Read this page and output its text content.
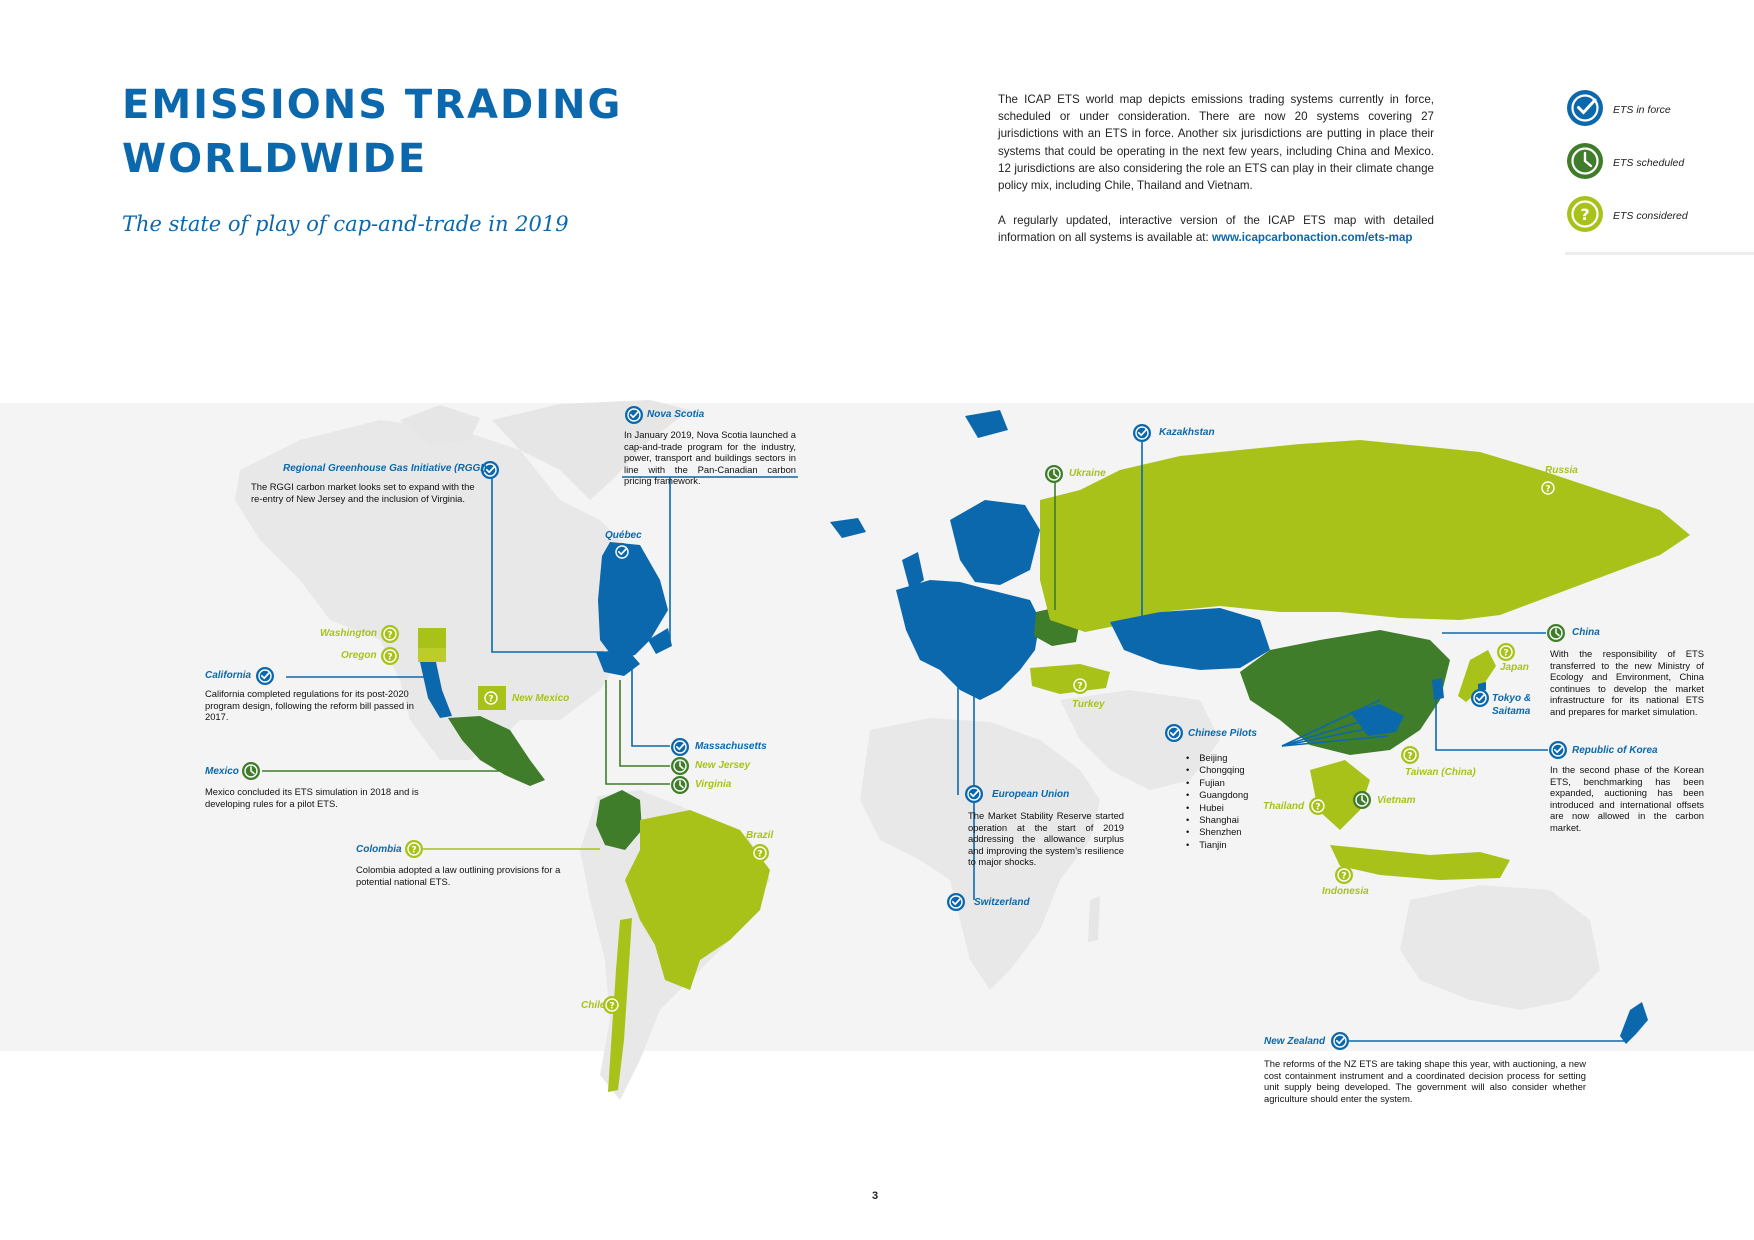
EMISSIONS TRADING
WORLDWIDE
The state of play of cap-and-trade in 2019

The ICAP ETS world map depicts emissions trading systems currently in force, scheduled or under consideration. There are now 20 systems covering 27 jurisdictions with an ETS in force. Another six jurisdictions are putting in place their systems that could be operating in the next few years, including China and Mexico. 12 jurisdictions are also considering the role an ETS can play in their climate change policy mix, including Chile, Thailand and Vietnam.

A regularly updated, interactive version of the ICAP ETS map with detailed information on all systems is available at: www.icapcarbonaction.com/ets-map

ETS in force
ETS scheduled
? ETS considered
Nova Scotia
In January 2019, Nova Scotia launched a cap-and-trade program for the industry, power, transport and buildings sectors in line with the Pan-Canadian carbon pricing framework.
Regional Greenhouse Gas Initiative (RGGI)
The RGGI carbon market looks set to expand with the re-entry of New Jersey and the inclusion of Virginia.
Québec
Washington
Oregon
California
California completed regulations for its post-2020 program design, following the reform bill passed in 2017.
New Mexico
Massachusetts
New Jersey
Virginia
Mexico
Mexico concluded its ETS simulation in 2018 and is developing rules for a pilot ETS.
Colombia
Colombia adopted a law outlining provisions for a potential national ETS.
Brazil
Chile
Ukraine
Kazakhstan
Russia
Turkey
European Union
The Market Stability Reserve started operation at the start of 2019 addressing the allowance surplus and improving the system’s resilience to major shocks.
Switzerland
Chinese Pilots
• Beijing
• Chongqing
• Fujian
• Guangdong
• Hubei
• Shanghai
• Shenzhen
• Tianjin
China
With the responsibility of ETS transferred to the new Ministry of Ecology and Environment, China continues to develop the market infrastructure for its national ETS and prepares for market simulation.
Japan
Tokyo &
Saitama
Republic of Korea
In the second phase of the Korean ETS, benchmarking has been expanded, auctioning has been introduced and international offsets are now allowed in the carbon market.
Taiwan (China)
Thailand
Vietnam
Indonesia
New Zealand
The reforms of the NZ ETS are taking shape this year, with auctioning, a new cost containment instrument and a coordinated decision process for setting unit supply being developed. The government will also consider whether agriculture should enter the system.
3
